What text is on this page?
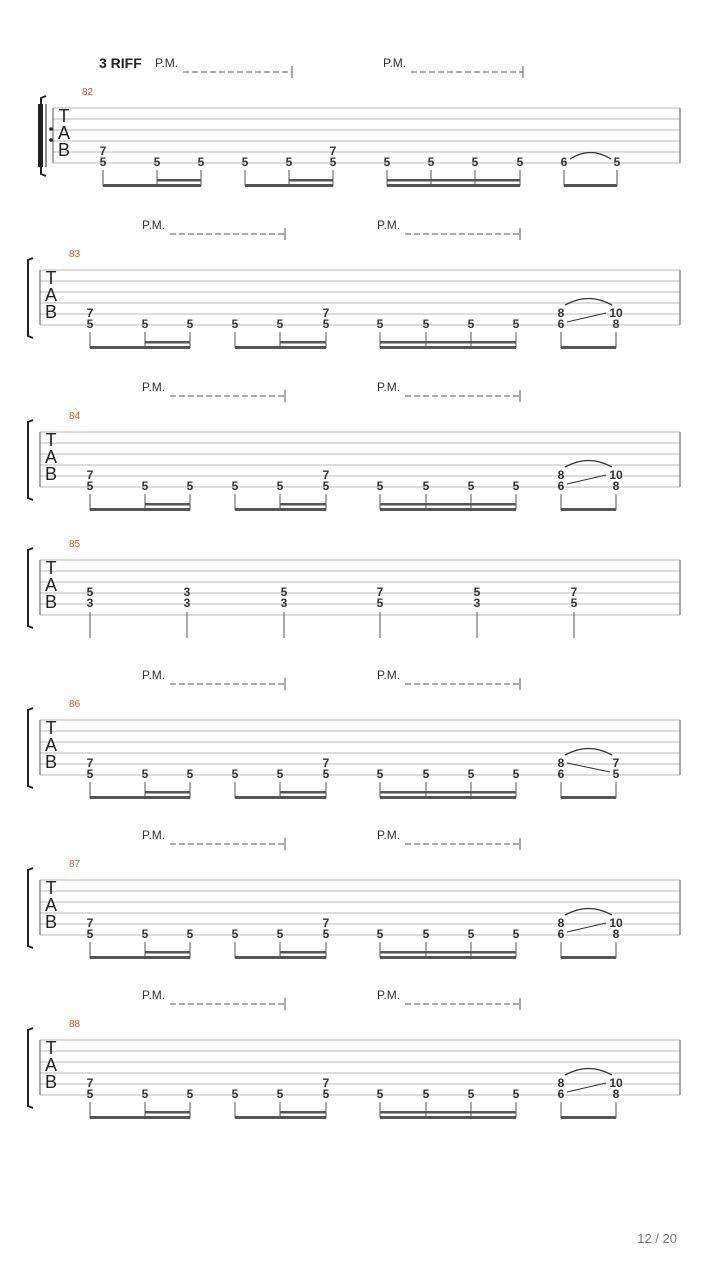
3 RIFF
T
A
B
82
P.M.	P.M.
7
5	5	5	5	5
7
5	5	5	5	5	6	5
T
A
B
83
P.M.	P.M.
7
5	5	5	5	5
7
5	5	5	5	5
8
6
10
8
T
A
B
84
P.M.	P.M.
7
5	5	5	5	5
7
5	5	5	5	5
8
6
10
8
T
A
B
85
5
3
3
3
5
3
7
5
5
3
7
5
T
A
B
86
P.M.	P.M.
7
5	5	5	5	5
7
5	5	5	5	5
8
6
7
5
T
A
B
87
P.M.	P.M.
7
5	5	5	5	5
7
5	5	5	5	5
8
6
10
8
T
A
B
88
P.M.	P.M.
7
5	5	5	5	5
7
5	5	5	5	5
8
6
10
8
12 / 20
